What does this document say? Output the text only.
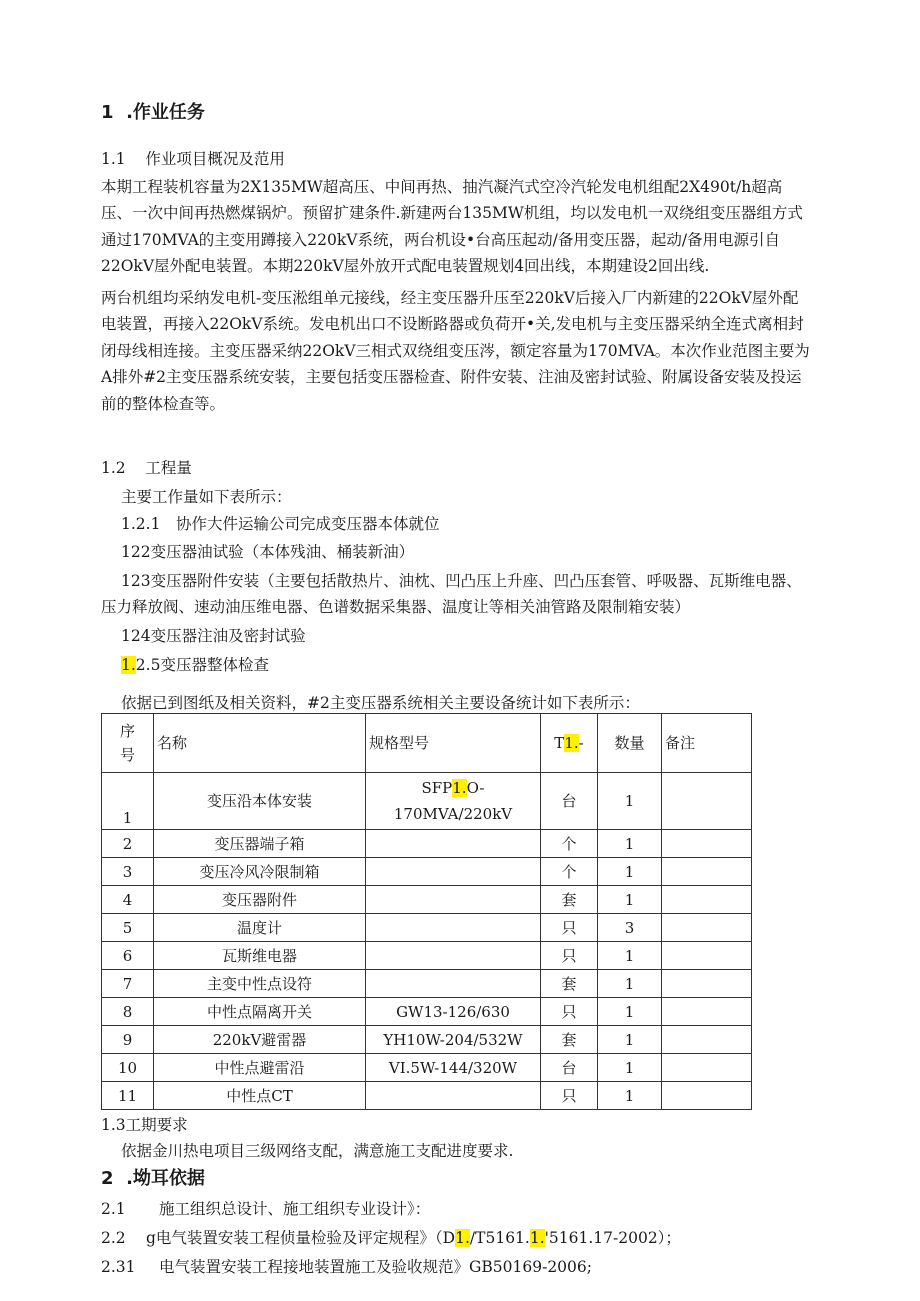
1 .作业任务
1.1 作业项目概况及范用
本期工程装机容量为2X135MW超高压、中间再热、抽汽凝汽式空冷汽轮发电机组配2X490t/h超高压、一次中间再热燃煤锅炉。预留扩建条件.新建两台135MW机组，均以发电机一双绕组变压器组方式通过170MVA的主变用蹲接入220kV系统，两台机设•台高压起动/备用变压器，起动/备用电源引自22OkV屋外配电装置。本期220kV屋外放开式配电装置规划4回出线，本期建设2回出线.
两台机组均采纳发电机-变压淞组单元接线，经主变压器升压至220kV后接入厂内新建的22OkV屋外配电装置，再接入22OkV系统。发电机出口不设断路器或负荷开•关,发电机与主变压器采纳全连式离相封闭母线相连接。主变压器采纳22OkV三相式双绕组变压涔，额定容量为170MVA。本次作业范图主要为A排外#2主变压器系统安装，主要包括变压器检查、附件安装、注油及密封试验、附属设备安装及投运前的整体检查等。
1.2 工程量
主要工作量如下表所示：
1.2.1　协作大件运输公司完成变压器本体就位
122变压器油试验（本体残油、桶装新油）
123变压器附件安装（主要包括散热片、油枕、凹凸压上升座、凹凸压套管、呼吸器、瓦斯维电器、压力释放阀、速动油压维电器、色谱数据采集器、温度让等相关油管路及限制箱安装）
124变压器注油及密封试验
1.2.5变压器整体检查
依据已到图纸及相关资料，#2主变压器系统相关主要设备统计如下表所示：
序
号	名称	规格型号	T1.-	数量	备注
1	变压沿本体安装	SFP1.O-
170MVA/220kV	台	1	
2	变压器端子箱		个	1	
3	变压冷风冷限制箱		个	1	
4	变压器附件		套	1	
5	温度计		只	3	
6	瓦斯维电器		只	1	
7	主变中性点设符		套	1	
8	中性点隔离开关	GW13-126/630	只	1	
9	220kV避雷器	YH10W-204/532W	套	1	
10	中性点避雷沿	VI.5W-144/320W	台	1	
11	中性点CT		只	1	
1.3工期要求
依据金川热电项目三级网络支配，满意施工支配进度要求.
2 .坳耳依据
2.1 施工组织总设计、施工组织专业设计》：
2.2 g电气装置安装工程侦量检验及评定规程》（D1./T5161.1.'5161.17-2002）；
2.31 电气装置安装工程接地装置施工及验收规范》GB50169-2006;
